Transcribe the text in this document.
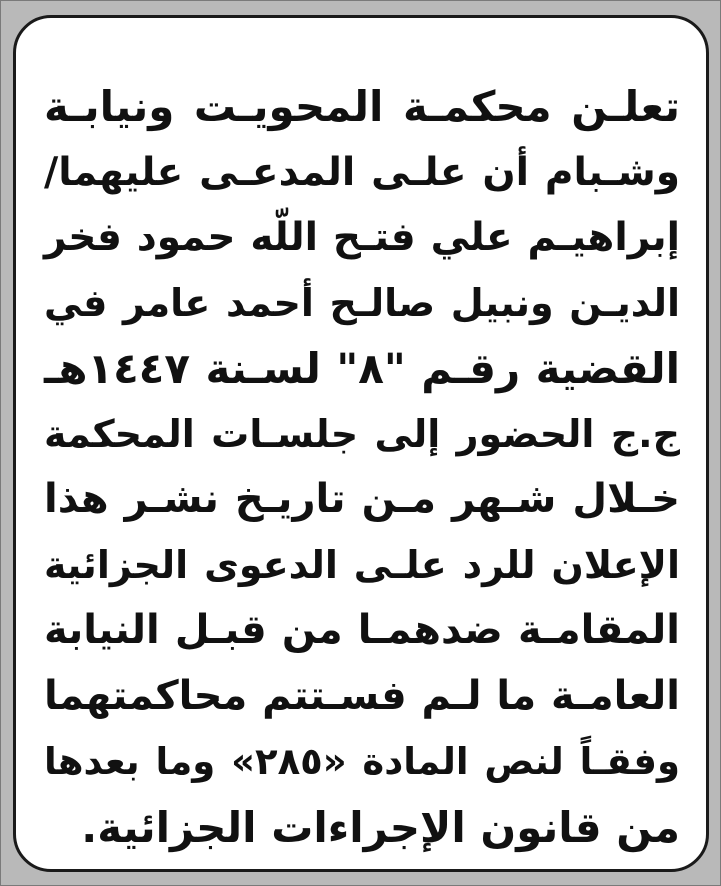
تعلـن محكمـة المحويـت ونيابـة
وشـبام أن علـى المدعـى عليهما/
إبراهيـم علي فتـح اللّه حمود فخر
الديـن ونبيل صالـح أحمد عامر في
القضية رقـم "٨" لسـنة ١٤٤٧هـ
ج.ج الحضور إلى جلسـات المحكمة
خـلال شـهر مـن تاريـخ نشـر هذا
الإعلان للرد علـى الدعوى الجزائية
المقامـة ضدهمـا من قبـل النيابة
العامـة ما لـم فسـتتم محاكمتهما
وفقـاً لنص المادة «٢٨٥» وما بعدها
من قانون الإجراءات الجزائية.
